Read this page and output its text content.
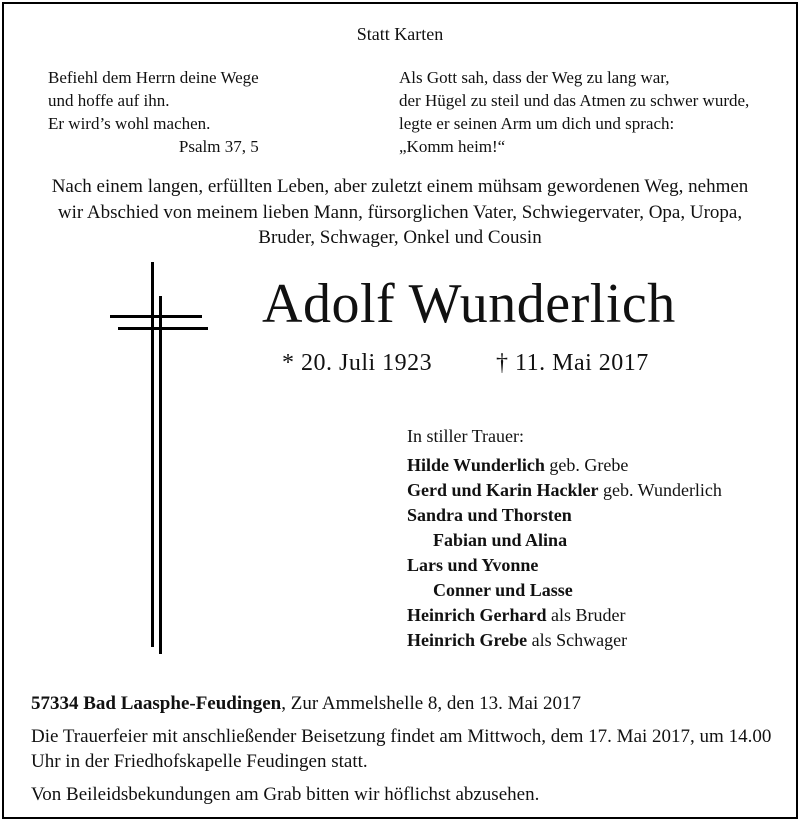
Statt Karten
Befiehl dem Herrn deine Wege
und hoffe auf ihn.
Er wird’s wohl machen.
Psalm 37, 5
Als Gott sah, dass der Weg zu lang war,
der Hügel zu steil und das Atmen zu schwer wurde,
legte er seinen Arm um dich und sprach:
„Komm heim!“
Nach einem langen, erfüllten Leben, aber zuletzt einem mühsam gewordenen Weg, nehmen
wir Abschied von meinem lieben Mann, fürsorglichen Vater, Schwiegervater, Opa, Uropa,
Bruder, Schwager, Onkel und Cousin
Adolf Wunderlich
* 20. Juli 1923	† 11. Mai 2017
In stiller Trauer:
Hilde Wunderlich geb. Grebe
Gerd und Karin Hackler geb. Wunderlich
Sandra und Thorsten
Fabian und Alina
Lars und Yvonne
Conner und Lasse
Heinrich Gerhard als Bruder
Heinrich Grebe als Schwager

57334 Bad Laasphe-Feudingen, Zur Ammelshelle 8, den 13. Mai 2017

Die Trauerfeier mit anschließender Beisetzung findet am Mittwoch, dem 17. Mai 2017, um 14.00 Uhr in der Friedhofskapelle Feudingen statt.

Von Beileidsbekundungen am Grab bitten wir höflichst abzusehen.
